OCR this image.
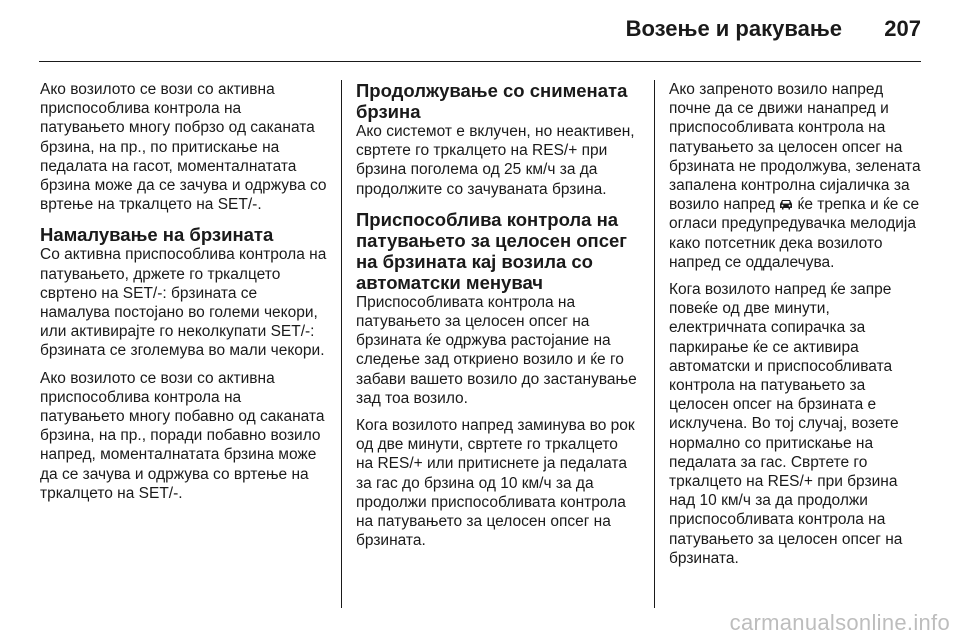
Возење и ракување 207

Ако возилото се вози со активна приспособлива контрола на патувањето многу побрзо од саканата брзина, на пр., по притискање на педалата на гасот, моменталнатата брзина може да се зачува и одржува со вртење на тркалцето на SET/-.

Намалување на брзината

Со активна приспособлива контрола на патувањето, држете го тркалцето свртено на SET/-: брзината се намалува постојано во големи чекори, или активирајте го неколкупати SET/-: брзината се зголемува во мали чекори.

Ако возилото се вози со активна приспособлива контрола на патувањето многу побавно од саканата брзина, на пр., поради побавно возило напред, моменталнатата брзина може да се зачува и одржува со вртење на тркалцето на SET/-.

Продолжување со снимената брзина

Ако системот е вклучен, но неактивен, свртете го тркалцето на RES/+ при брзина поголема од 25 км/ч за да продолжите со зачуваната брзина.

Приспособлива контрола на патувањето за целосен опсег на брзината кај возила со автоматски менувач

Приспособливата контрола на патувањето за целосен опсег на брзината ќе одржува растојание на следење зад откриено возило и ќе го забави вашето возило до застанување зад тоа возило.

Кога возилото напред заминува во рок од две минути, свртете го тркалцето на RES/+ или притиснете ја педалата за гас до брзина од 10 км/ч за да продолжи приспособливата контрола на патувањето за целосен опсег на брзината.

Ако запреното возило напред почне да се движи нанапред и приспособливата контрола на патувањето за целосен опсег на брзината не продолжува, зелената запалена контролна сијаличка за возило напред  ќе трепка и ќе се огласи предупредувачка мелодија како потсетник дека возилото напред се оддалечува.

Кога возилото напред ќе запре повеќе од две минути, електричната сопирачка за паркирање ќе се активира автоматски и приспособливата контрола на патувањето за целосен опсег на брзината е исклучена. Во тој случај, возете нормално со притискање на педалата за гас. Свртете го тркалцето на RES/+ при брзина над 10 км/ч за да продолжи приспособливата контрола на патувањето за целосен опсег на брзината.

carmanualsonline.info
